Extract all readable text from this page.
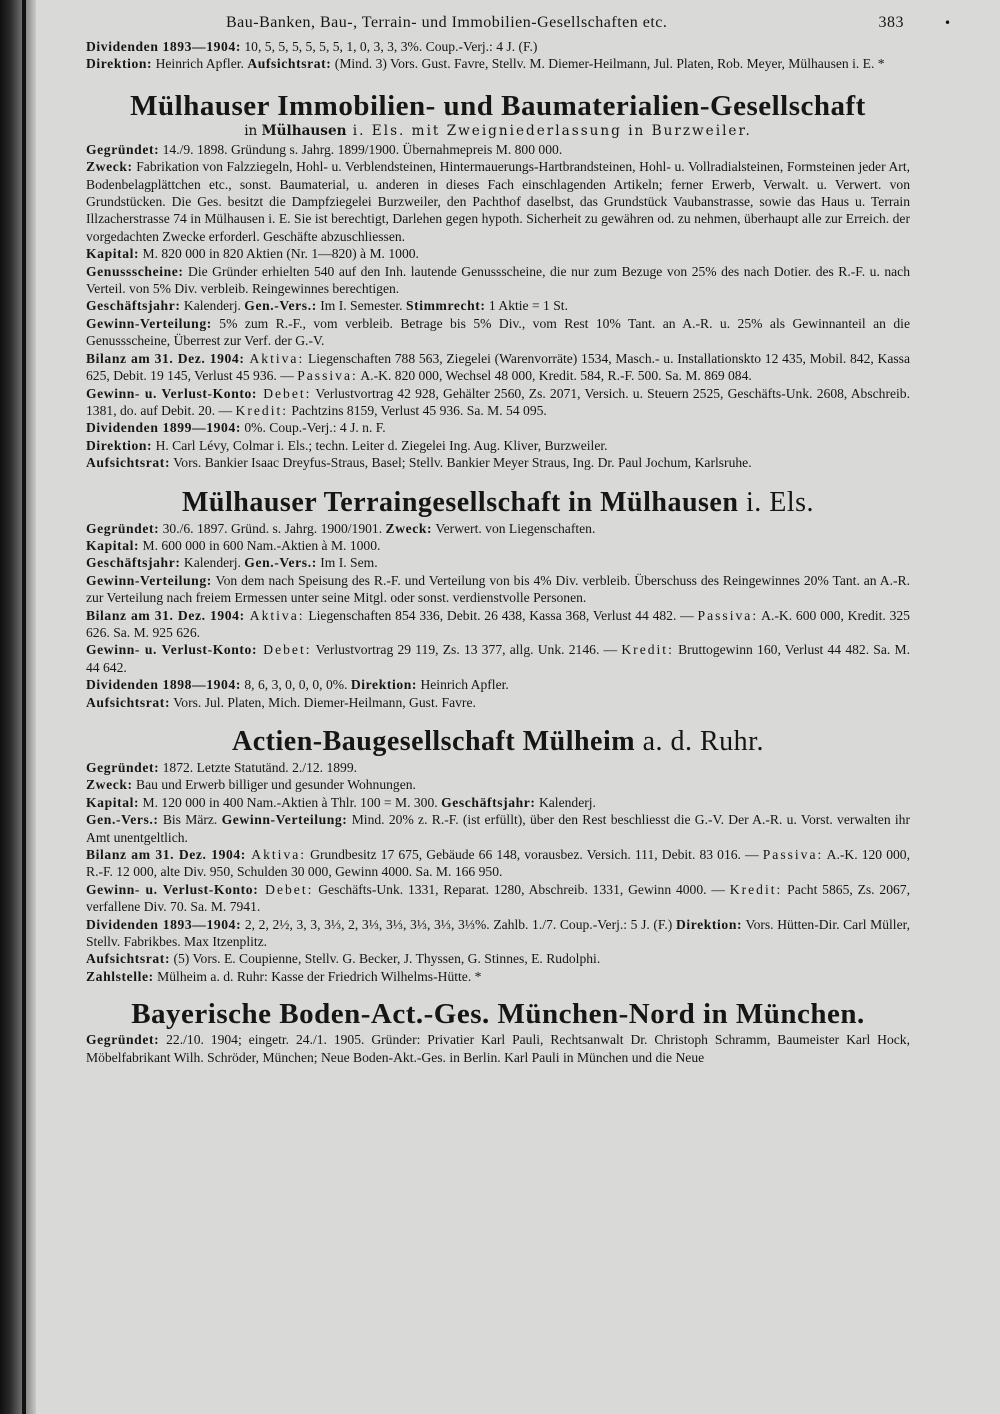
Bau-Banken, Bau-, Terrain- und Immobilien-Gesellschaften etc.	383

Dividenden 1893—1904: 10, 5, 5, 5, 5, 5, 5, 1, 0, 3, 3, 3%. Coup.-Verj.: 4 J. (F.)

Direktion: Heinrich Apfler. Aufsichtsrat: (Mind. 3) Vors. Gust. Favre, Stellv. M. Diemer-Heilmann, Jul. Platen, Rob. Meyer, Mülhausen i. E. *

Mülhauser Immobilien- und Baumaterialien-Gesellschaft
in Mülhausen i. Els. mit Zweigniederlassung in Burzweiler.

Gegründet: 14./9. 1898. Gründung s. Jahrg. 1899/1900. Übernahmepreis M. 800 000.

Zweck: Fabrikation von Falzziegeln, Hohl- u. Verblendsteinen, Hintermauerungs-Hartbrandsteinen, Hohl- u. Vollradialsteinen, Formsteinen jeder Art, Bodenbelagplättchen etc., sonst. Baumaterial, u. anderen in dieses Fach einschlagenden Artikeln; ferner Erwerb, Verwalt. u. Verwert. von Grundstücken. Die Ges. besitzt die Dampfziegelei Burzweiler, den Pachthof daselbst, das Grundstück Vaubanstrasse, sowie das Haus u. Terrain Illzacherstrasse 74 in Mülhausen i. E. Sie ist berechtigt, Darlehen gegen hypoth. Sicherheit zu gewähren od. zu nehmen, überhaupt alle zur Erreich. der vorgedachten Zwecke erforderl. Geschäfte abzuschliessen.

Kapital: M. 820 000 in 820 Aktien (Nr. 1—820) à M. 1000.

Genussscheine: Die Gründer erhielten 540 auf den Inh. lautende Genussscheine, die nur zum Bezuge von 25% des nach Dotier. des R.-F. u. nach Verteil. von 5% Div. verbleib. Reingewinnes berechtigen.

Geschäftsjahr: Kalenderj. Gen.-Vers.: Im I. Semester. Stimmrecht: 1 Aktie = 1 St.

Gewinn-Verteilung: 5% zum R.-F., vom verbleib. Betrage bis 5% Div., vom Rest 10% Tant. an A.-R. u. 25% als Gewinnanteil an die Genussscheine, Überrest zur Verf. der G.-V.

Bilanz am 31. Dez. 1904: Aktiva: Liegenschaften 788 563, Ziegelei (Warenvorräte) 1534, Masch.- u. Installationskto 12 435, Mobil. 842, Kassa 625, Debit. 19 145, Verlust 45 936. — Passiva: A.-K. 820 000, Wechsel 48 000, Kredit. 584, R.-F. 500. Sa. M. 869 084.

Gewinn- u. Verlust-Konto: Debet: Verlustvortrag 42 928, Gehälter 2560, Zs. 2071, Versich. u. Steuern 2525, Geschäfts-Unk. 2608, Abschreib. 1381, do. auf Debit. 20. — Kredit: Pachtzins 8159, Verlust 45 936. Sa. M. 54 095.

Dividenden 1899—1904: 0%. Coup.-Verj.: 4 J. n. F.

Direktion: H. Carl Lévy, Colmar i. Els.; techn. Leiter d. Ziegelei Ing. Aug. Kliver, Burzweiler.

Aufsichtsrat: Vors. Bankier Isaac Dreyfus-Straus, Basel; Stellv. Bankier Meyer Straus, Ing. Dr. Paul Jochum, Karlsruhe.

Mülhauser Terraingesellschaft in Mülhausen i. Els.

Gegründet: 30./6. 1897. Gründ. s. Jahrg. 1900/1901. Zweck: Verwert. von Liegenschaften.

Kapital: M. 600 000 in 600 Nam.-Aktien à M. 1000.

Geschäftsjahr: Kalenderj. Gen.-Vers.: Im I. Sem.

Gewinn-Verteilung: Von dem nach Speisung des R.-F. und Verteilung von bis 4% Div. verbleib. Überschuss des Reingewinnes 20% Tant. an A.-R. zur Verteilung nach freiem Ermessen unter seine Mitgl. oder sonst. verdienstvolle Personen.

Bilanz am 31. Dez. 1904: Aktiva: Liegenschaften 854 336, Debit. 26 438, Kassa 368, Verlust 44 482. — Passiva: A.-K. 600 000, Kredit. 325 626. Sa. M. 925 626.

Gewinn- u. Verlust-Konto: Debet: Verlustvortrag 29 119, Zs. 13 377, allg. Unk. 2146. — Kredit: Bruttogewinn 160, Verlust 44 482. Sa. M. 44 642.

Dividenden 1898—1904: 8, 6, 3, 0, 0, 0, 0%. Direktion: Heinrich Apfler.

Aufsichtsrat: Vors. Jul. Platen, Mich. Diemer-Heilmann, Gust. Favre.

Actien-Baugesellschaft Mülheim a. d. Ruhr.

Gegründet: 1872. Letzte Statutänd. 2./12. 1899.

Zweck: Bau und Erwerb billiger und gesunder Wohnungen.

Kapital: M. 120 000 in 400 Nam.-Aktien à Thlr. 100 = M. 300. Geschäftsjahr: Kalenderj.

Gen.-Vers.: Bis März. Gewinn-Verteilung: Mind. 20% z. R.-F. (ist erfüllt), über den Rest beschliesst die G.-V. Der A.-R. u. Vorst. verwalten ihr Amt unentgeltlich.

Bilanz am 31. Dez. 1904: Aktiva: Grundbesitz 17 675, Gebäude 66 148, vorausbez. Versich. 111, Debit. 83 016. — Passiva: A.-K. 120 000, R.-F. 12 000, alte Div. 950, Schulden 30 000, Gewinn 4000. Sa. M. 166 950.

Gewinn- u. Verlust-Konto: Debet: Geschäfts-Unk. 1331, Reparat. 1280, Abschreib. 1331, Gewinn 4000. — Kredit: Pacht 5865, Zs. 2067, verfallene Div. 70. Sa. M. 7941.

Dividenden 1893—1904: 2, 2, 2½, 3, 3, 3⅓, 2, 3⅓, 3⅓, 3⅓, 3⅓, 3⅓%. Zahlb. 1./7. Coup.-Verj.: 5 J. (F.) Direktion: Vors. Hütten-Dir. Carl Müller, Stellv. Fabrikbes. Max Itzenplitz.

Aufsichtsrat: (5) Vors. E. Coupienne, Stellv. G. Becker, J. Thyssen, G. Stinnes, E. Rudolphi.

Zahlstelle: Mülheim a. d. Ruhr: Kasse der Friedrich Wilhelms-Hütte. *

Bayerische Boden-Act.-Ges. München-Nord in München.

Gegründet: 22./10. 1904; eingetr. 24./1. 1905. Gründer: Privatier Karl Pauli, Rechtsanwalt Dr. Christoph Schramm, Baumeister Karl Hock, Möbelfabrikant Wilh. Schröder, München; Neue Boden-Akt.-Ges. in Berlin. Karl Pauli in München und die Neue

•
